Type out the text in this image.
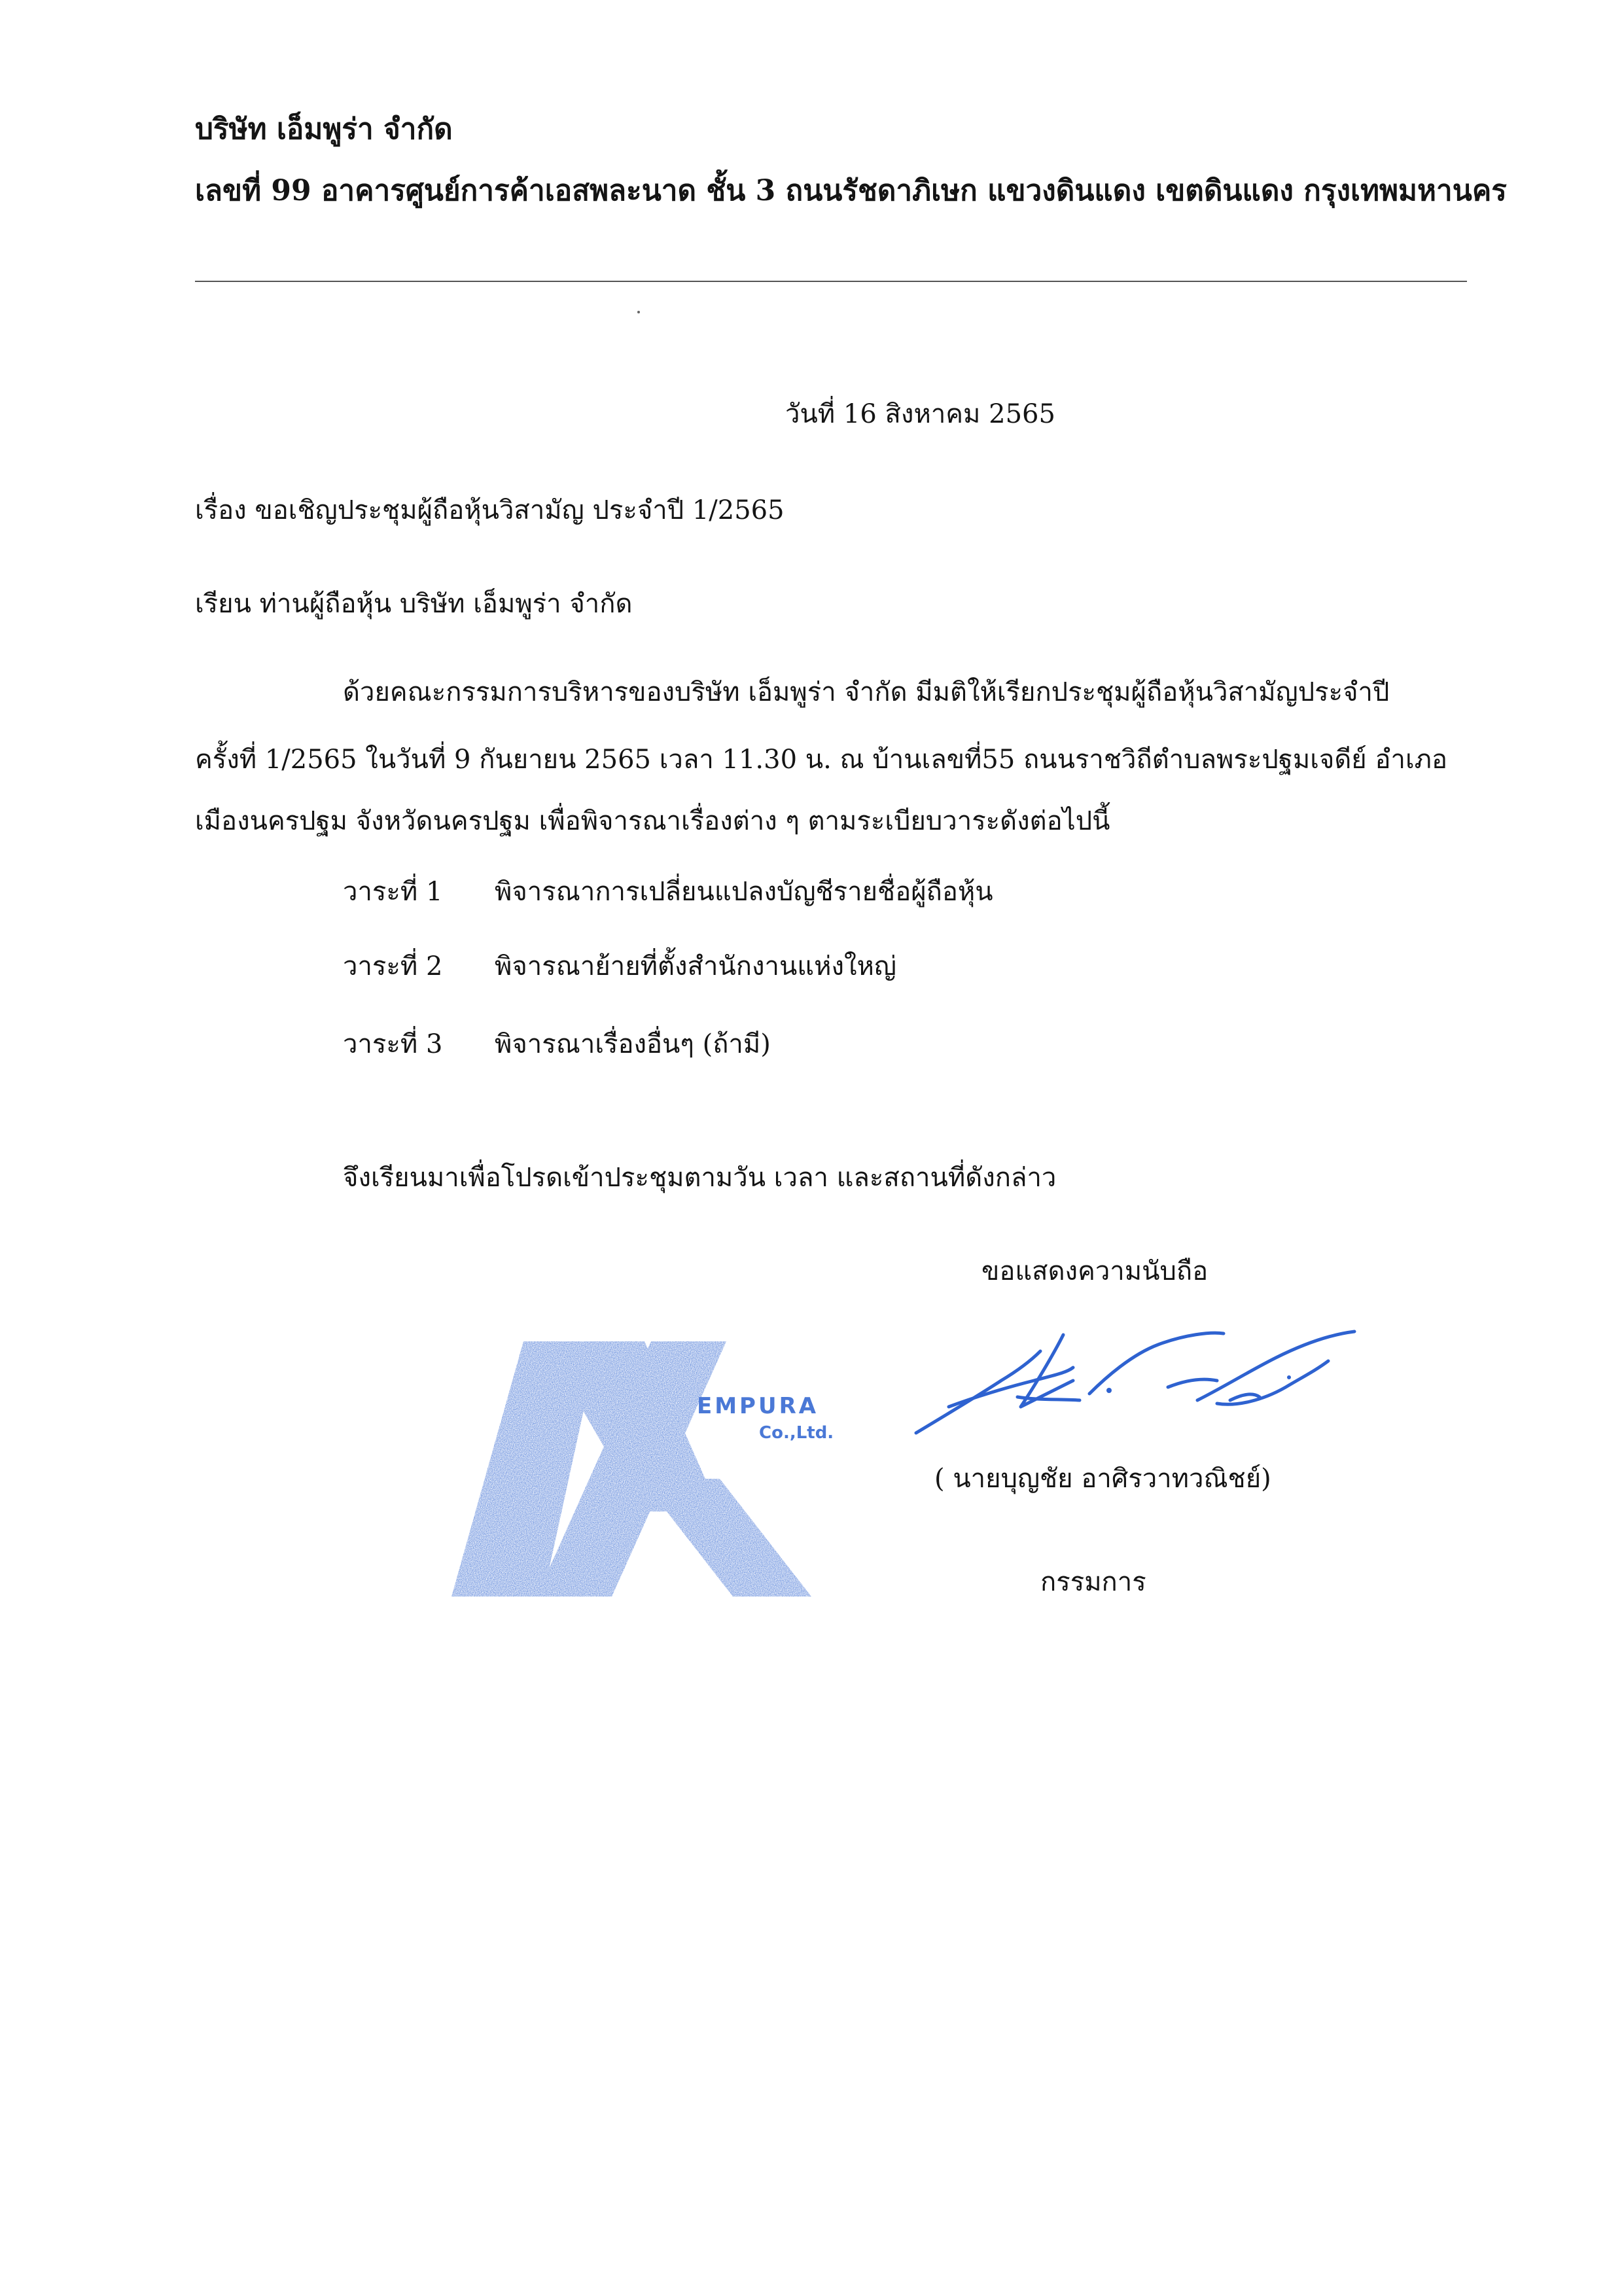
บริษัท เอ็มพูร่า จำกัด
เลขที่ 99 อาคารศูนย์การค้าเอสพละนาด ชั้น 3 ถนนรัชดาภิเษก แขวงดินแดง เขตดินแดง กรุงเทพมหานคร
วันที่ 16 สิงหาคม 2565
เรื่อง ขอเชิญประชุมผู้ถือหุ้นวิสามัญ ประจำปี 1/2565
เรียน ท่านผู้ถือหุ้น บริษัท เอ็มพูร่า จำกัด
ด้วยคณะกรรมการบริหารของบริษัท เอ็มพูร่า จำกัด มีมติให้เรียกประชุมผู้ถือหุ้นวิสามัญประจำปี
ครั้งที่ 1/2565 ในวันที่ 9 กันยายน 2565 เวลา 11.30 น. ณ บ้านเลขที่55 ถนนราชวิถีตำบลพระปฐมเจดีย์ อำเภอ
เมืองนครปฐม จังหวัดนครปฐม เพื่อพิจารณาเรื่องต่าง ๆ ตามระเบียบวาระดังต่อไปนี้
วาระที่ 1 พิจารณาการเปลี่ยนแปลงบัญชีรายชื่อผู้ถือหุ้น
วาระที่ 2 พิจารณาย้ายที่ตั้งสำนักงานแห่งใหญ่
วาระที่ 3 พิจารณาเรื่องอื่นๆ (ถ้ามี)
จึงเรียนมาเพื่อโปรดเข้าประชุมตามวัน เวลา และสถานที่ดังกล่าว
ขอแสดงความนับถือ
EMPURA
Co.,Ltd.
( นายบุญชัย อาศิรวาทวณิชย์)
กรรมการ
